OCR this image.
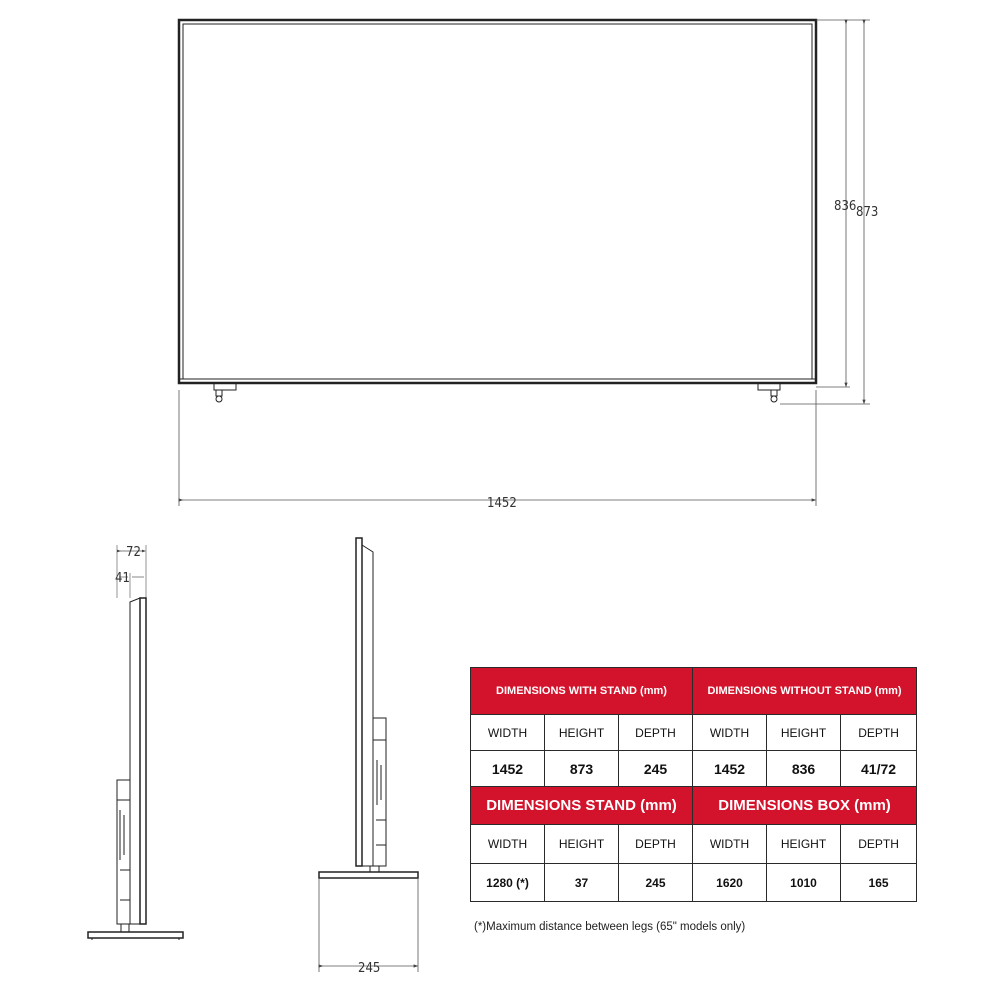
836 873
1452
72
41
245
DIMENSIONS WITH STAND (mm)			DIMENSIONS WITHOUT STAND (mm)		
WIDTH	HEIGHT	DEPTH	WIDTH	HEIGHT	DEPTH
1452	873	245	1452	836	41/72
DIMENSIONS STAND (mm)			DIMENSIONS BOX (mm)		
WIDTH	HEIGHT	DEPTH	WIDTH	HEIGHT	DEPTH
1280 (*)	37	245	1620	1010	165
(*)Maximum distance between legs (65" models only)
